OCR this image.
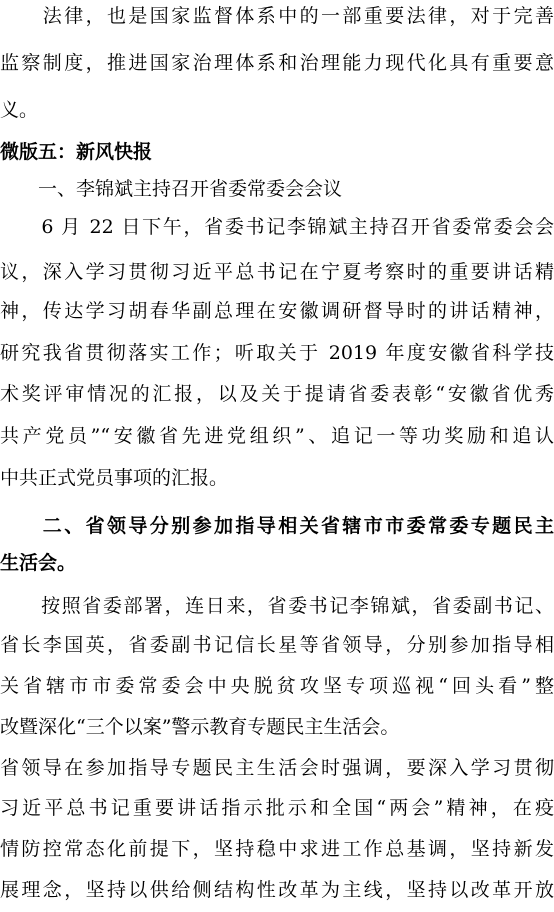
　　法律，也是国家监督体系中的一部重要法律，对于完善
监察制度，推进国家治理体系和治理能力现代化具有重要意
义。
微版五：新风快报
　　一、李锦斌主持召开省委常委会会议
　　6 月 22 日下午，省委书记李锦斌主持召开省委常委会会
议，深入学习贯彻习近平总书记在宁夏考察时的重要讲话精
神，传达学习胡春华副总理在安徽调研督导时的讲话精神，
研究我省贯彻落实工作；听取关于 2019 年度安徽省科学技
术奖评审情况的汇报，以及关于提请省委表彰“安徽省优秀
共产党员”“安徽省先进党组织”、追记一等功奖励和追认
中共正式党员事项的汇报。
　　二、省领导分别参加指导相关省辖市市委常委专题民主
生活会。
　　按照省委部署，连日来，省委书记李锦斌，省委副书记、
省长李国英，省委副书记信长星等省领导，分别参加指导相
关省辖市市委常委会中央脱贫攻坚专项巡视“回头看”整
改暨深化“三个以案”警示教育专题民主生活会。
省领导在参加指导专题民主生活会时强调，要深入学习贯彻
习近平总书记重要讲话指示批示和全国“两会”精神，在疫
情防控常态化前提下，坚持稳中求进工作总基调，坚持新发
展理念，坚持以供给侧结构性改革为主线，坚持以改革开放
